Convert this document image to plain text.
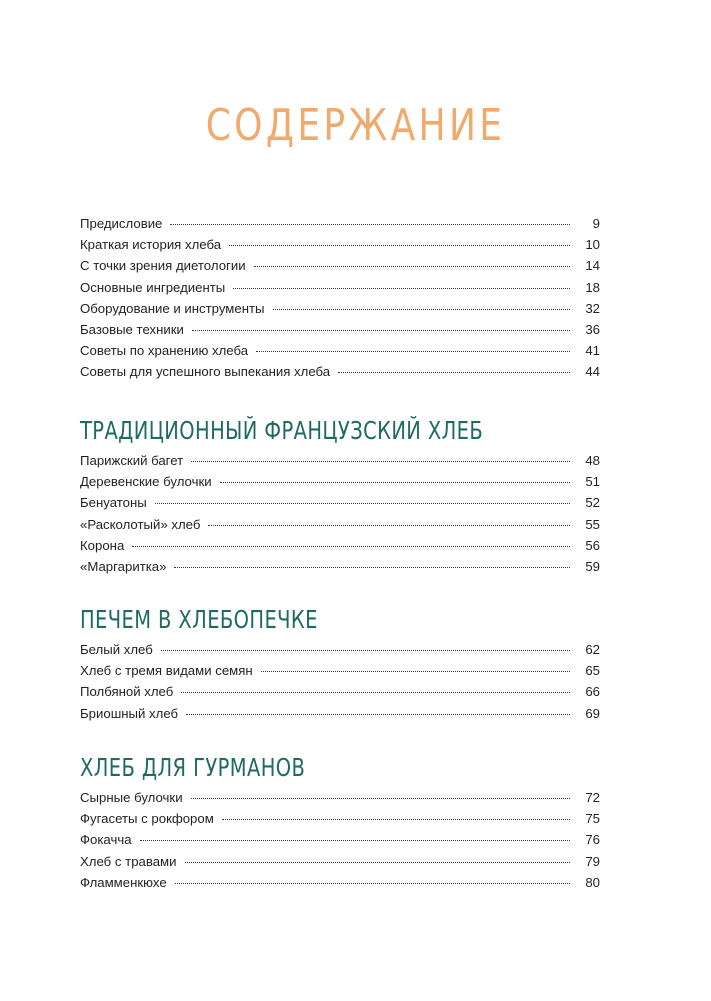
СОДЕРЖАНИЕ
Предисловие	9
Краткая история хлеба	10
С точки зрения диетологии	14
Основные ингредиенты	18
Оборудование и инструменты	32
Базовые техники	36
Советы по хранению хлеба	41
Советы для успешного выпекания хлеба	44
ТРАДИЦИОННЫЙ ФРАНЦУЗСКИЙ ХЛЕБ
Парижский багет	48
Деревенские булочки	51
Бенуатоны	52
«Расколотый» хлеб	55
Корона	56
«Маргаритка»	59
ПЕЧЕМ В ХЛЕБОПЕЧКЕ
Белый хлеб	62
Хлеб с тремя видами семян	65
Полбяной хлеб	66
Бриошный хлеб	69
ХЛЕБ ДЛЯ ГУРМАНОВ
Сырные булочки	72
Фугасеты с рокфором	75
Фокачча	76
Хлеб с травами	79
Фламменкюхе	80
